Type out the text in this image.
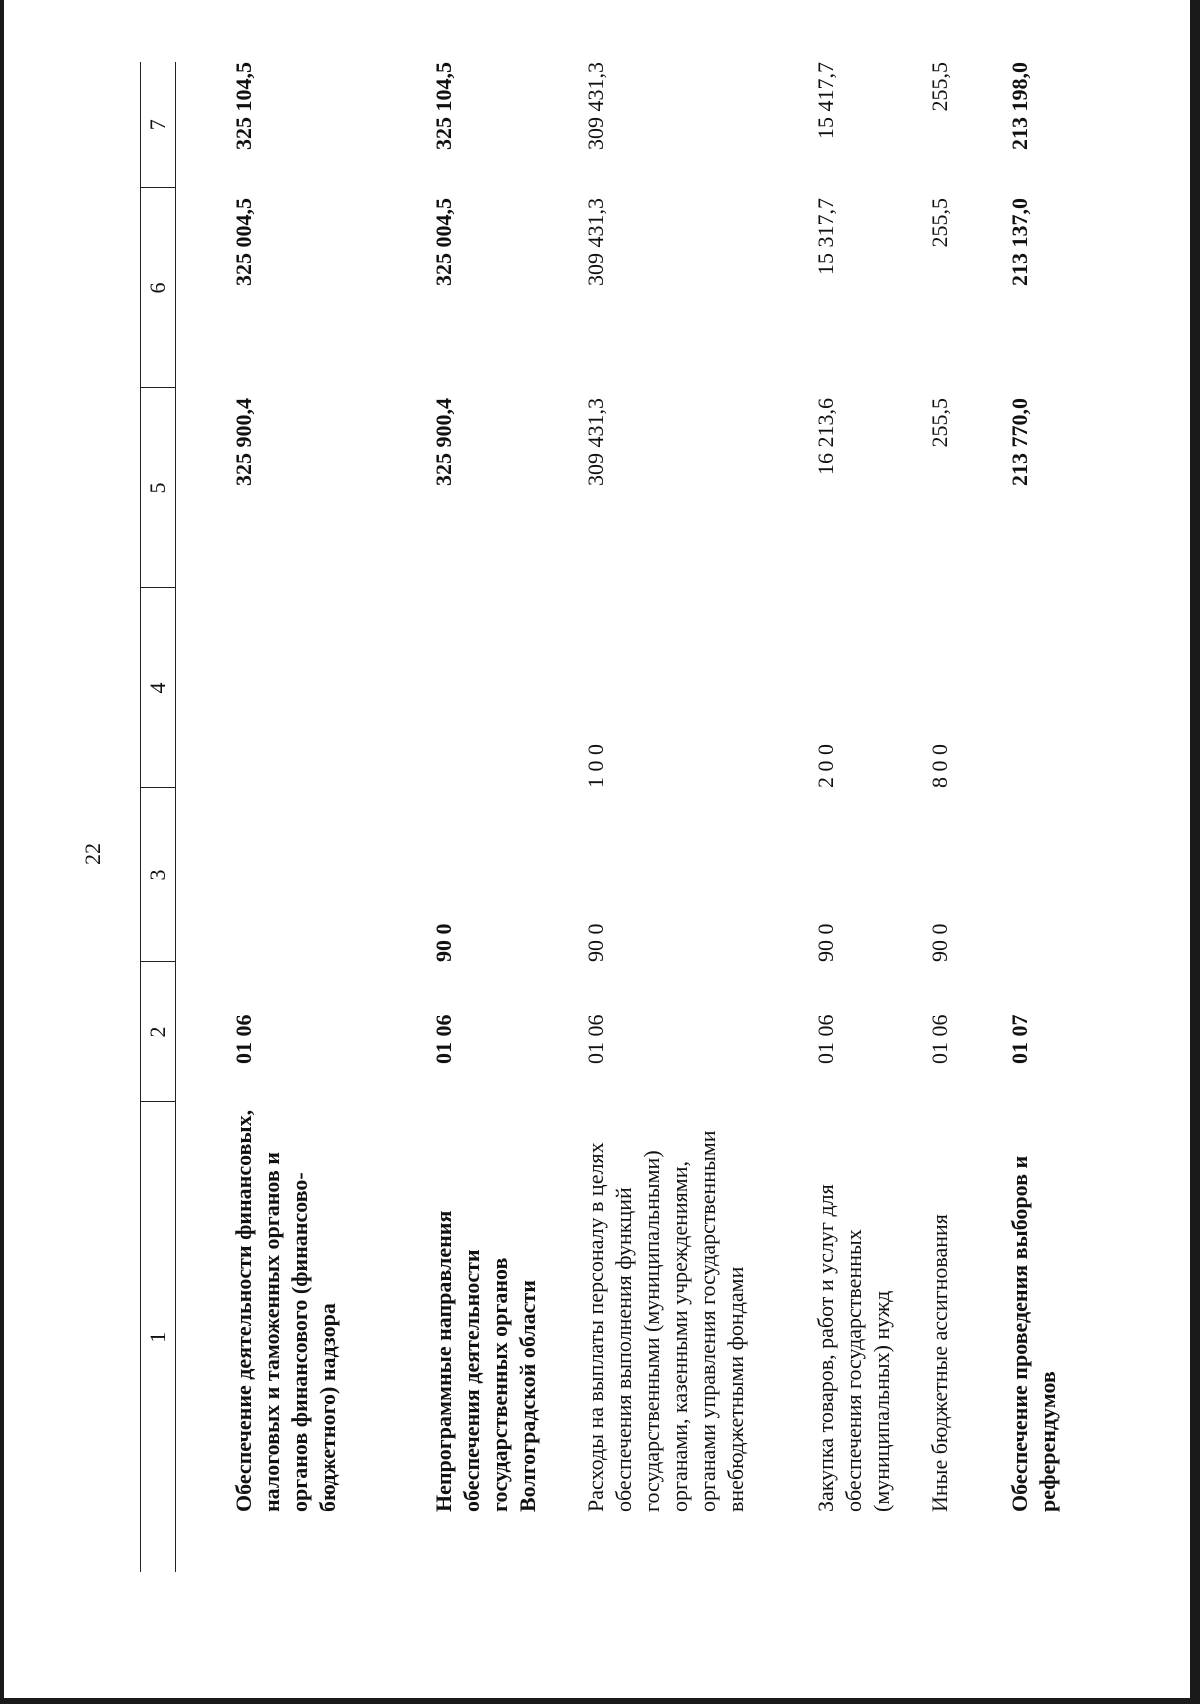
22
1	2	3	4	5	6	7
Обеспечение деятельности финансовых, налоговых и таможенных органов и органов финансового (финансово-бюджетного) надзора	01 06			325 900,4	325 004,5	325 104,5
Непрограммные направления обеспечения деятельности государственных органов Волгоградской области	01 06	90 0		325 900,4	325 004,5	325 104,5
Расходы на выплаты персоналу в целях обеспечения выполнения функций государственными (муниципальными) органами, казенными учреждениями, органами управления государственными внебюджетными фондами	01 06	90 0	1 0 0	309 431,3	309 431,3	309 431,3
Закупка товаров, работ и услуг для обеспечения государственных (муниципальных) нужд	01 06	90 0	2 0 0	16 213,6	15 317,7	15 417,7
Иные бюджетные ассигнования	01 06	90 0	8 0 0	255,5	255,5	255,5
Обеспечение проведения выборов и референдумов	01 07			213 770,0	213 137,0	213 198,0
